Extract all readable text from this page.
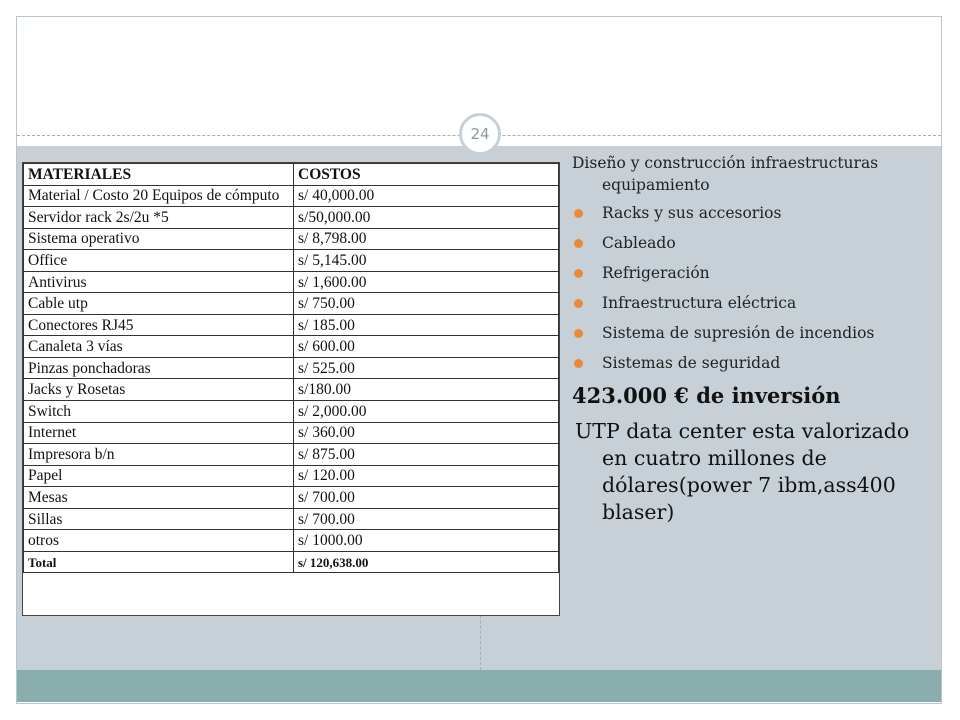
24
MATERIALES	COSTOS
Material / Costo 20 Equipos de cómputo	s/ 40,000.00
Servidor rack 2s/2u *5	s/50,000.00
Sistema operativo	s/ 8,798.00
Office	s/ 5,145.00
Antivirus	s/ 1,600.00
Cable utp	s/ 750.00
Conectores RJ45	s/ 185.00
Canaleta 3 vías	s/ 600.00
Pinzas ponchadoras	s/ 525.00
Jacks y Rosetas	s/180.00
Switch	s/ 2,000.00
Internet	s/ 360.00
Impresora b/n	s/ 875.00
Papel	s/ 120.00
Mesas	s/ 700.00
Sillas	s/ 700.00
otros	s/ 1000.00
Total	s/ 120,638.00

Diseño y construcción infraestructuras equipamiento

Racks y sus accesorios
Cableado
Refrigeración
Infraestructura eléctrica
Sistema de supresión de incendios
Sistemas de seguridad
423.000 € de inversión
UTP data center esta valorizado en cuatro millones de dólares(power 7 ibm,ass400 blaser)
